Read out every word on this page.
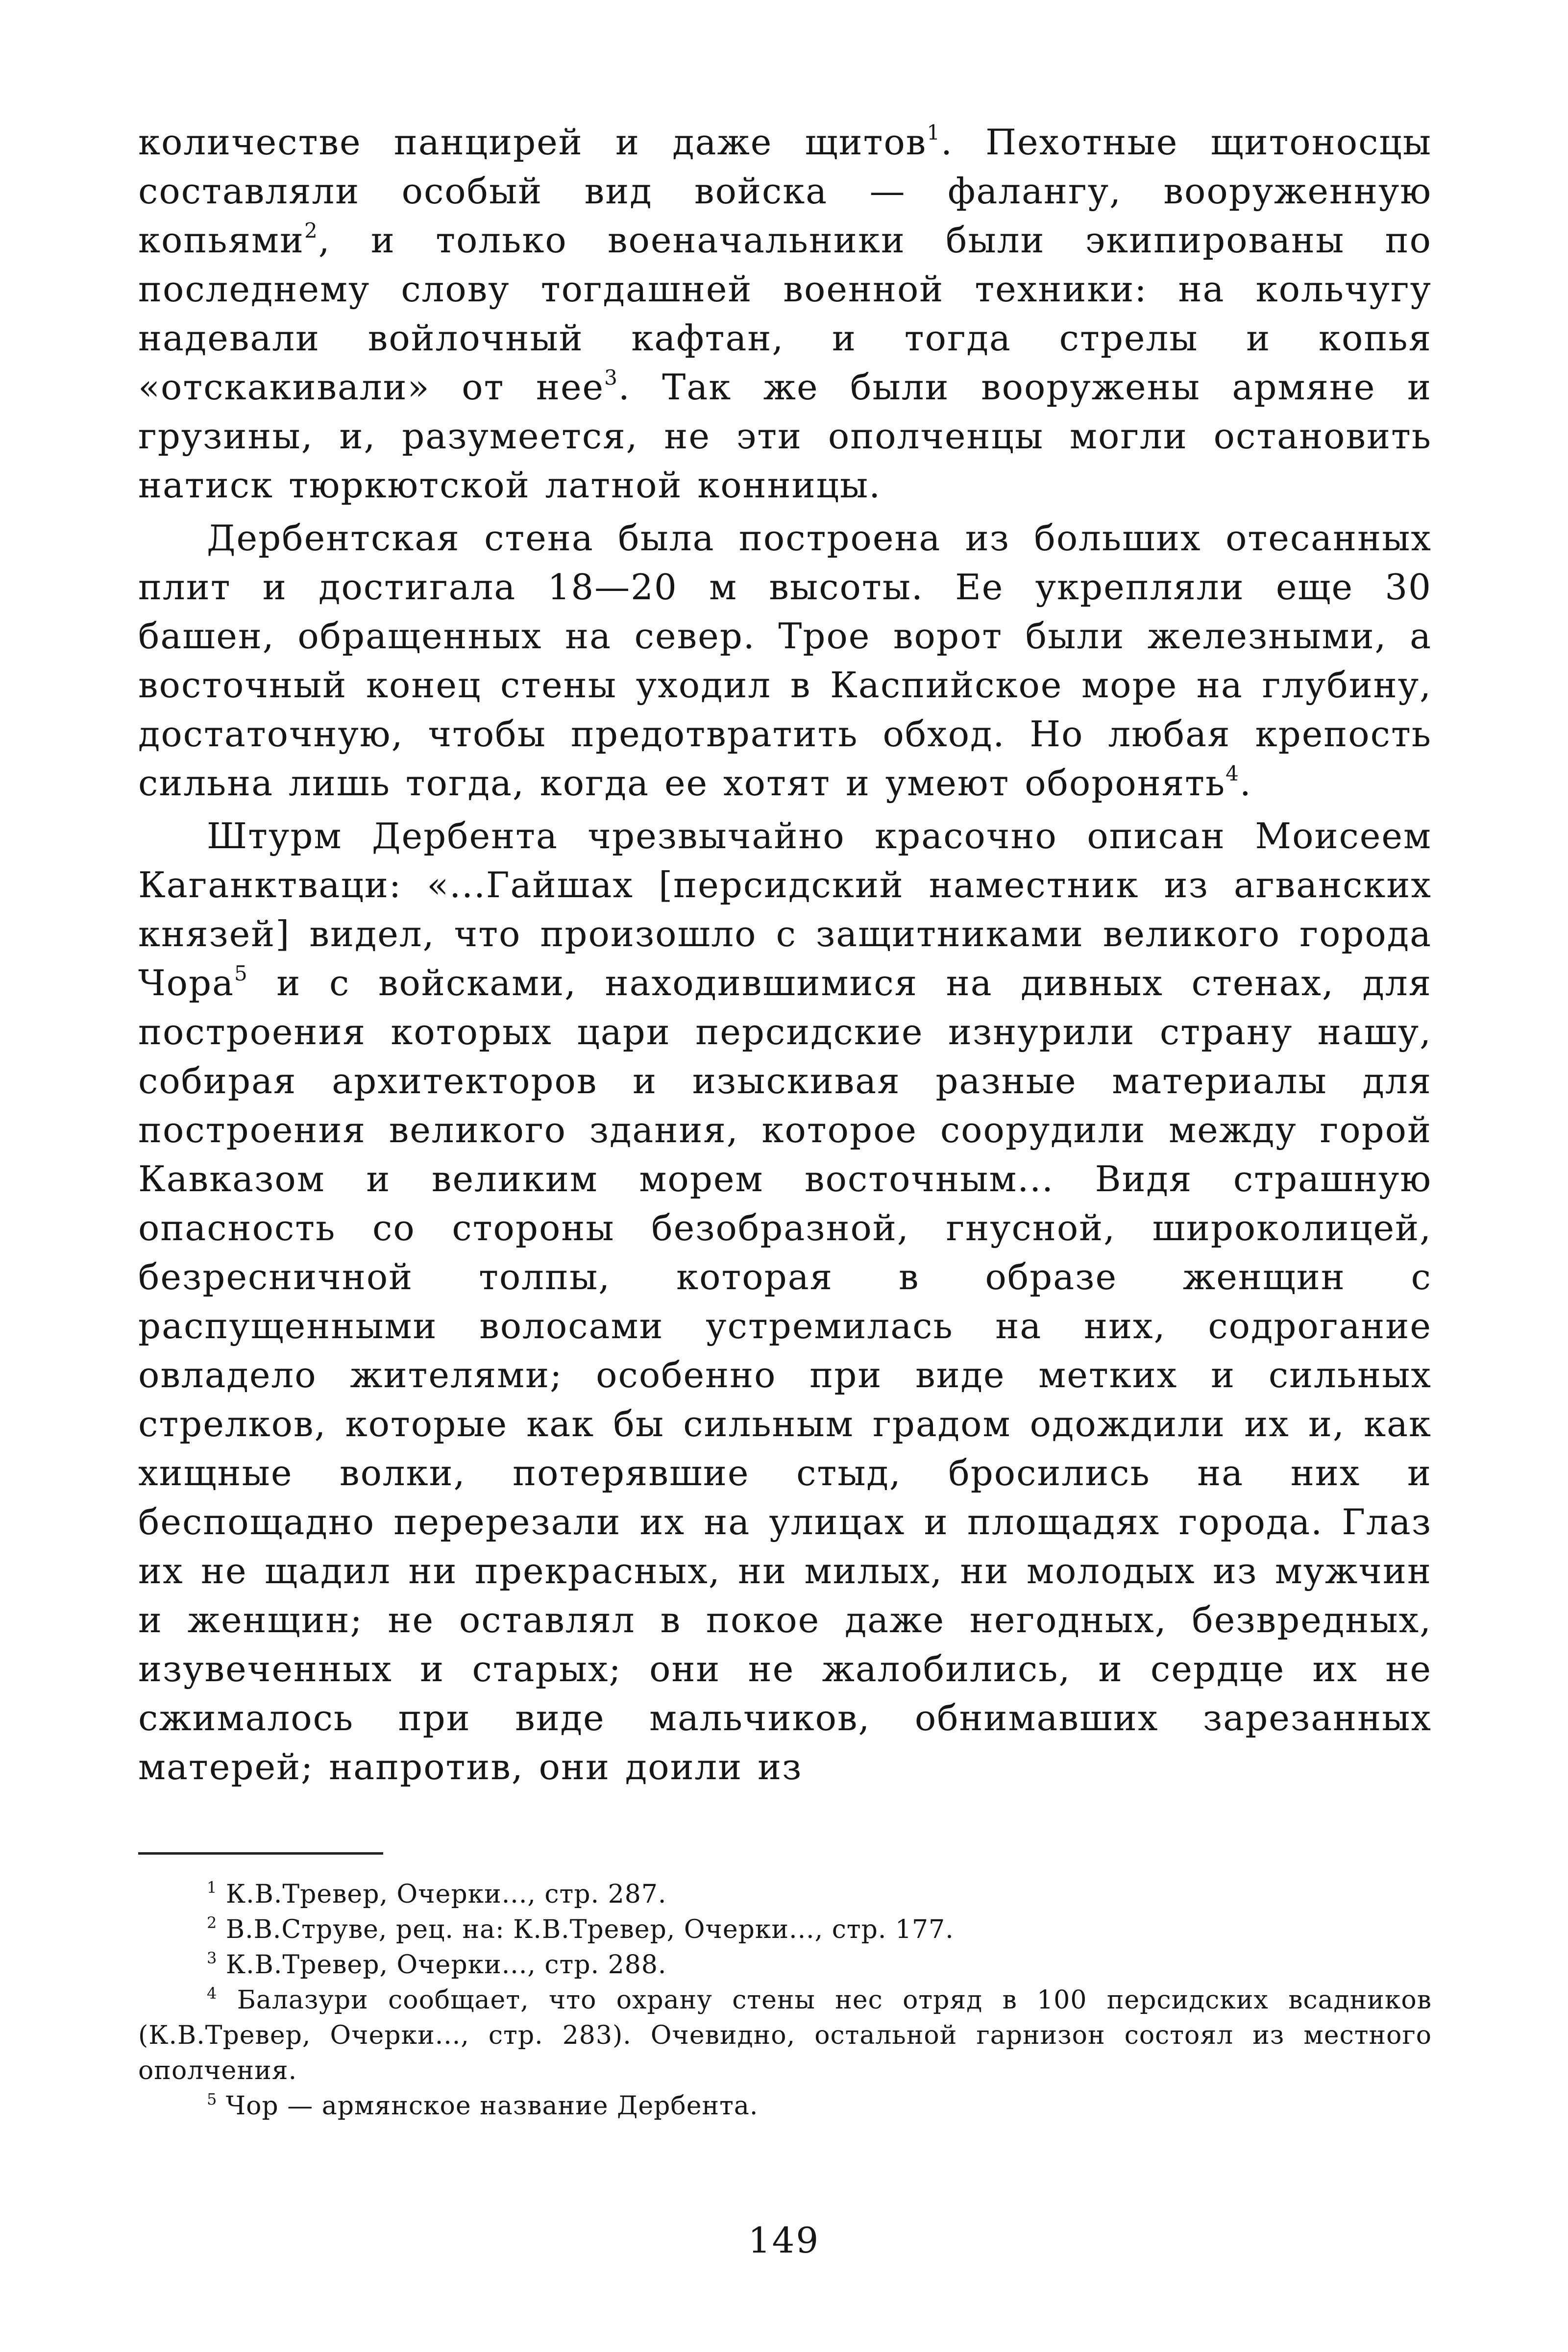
количестве панцирей и даже щитов$^1$. Пехотные щитоносцы составляли особый вид войска — фалангу, вооруженную копьями$^2$, и только военачальники были экипированы по последнему слову тогдашней военной техники: на кольчугу надевали войлочный кафтан, и тогда стрелы и копья «отскакивали» от нее$^3$. Так же были вооружены армяне и грузины, и, разумеется, не эти ополченцы могли остановить натиск тюркютской латной конницы.

Дербентская стена была построена из больших отесанных плит и достигала 18—20 м высоты. Ее укрепляли еще 30 башен, обращенных на север. Трое ворот были железными, а восточный конец стены уходил в Каспийское море на глубину, достаточную, чтобы предотвратить обход. Но любая крепость сильна лишь тогда, когда ее хотят и умеют оборонять$^4$.

Штурм Дербента чрезвычайно красочно описан Моисеем Каганктваци: «...Гайшах [персидский наместник из агванских князей] видел, что произошло с защитниками великого города Чора$^5$ и с войсками, находившимися на дивных стенах, для построения которых цари персидские изнурили страну нашу, собирая архитекторов и изыскивая разные материалы для построения великого здания, которое соорудили между горой Кавказом и великим морем восточным... Видя страшную опасность со стороны безобразной, гнусной, широколицей, безресничной толпы, которая в образе женщин с распущенными волосами устремилась на них, содрогание овладело жителями; особенно при виде метких и сильных стрелков, которые как бы сильным градом одождили их и, как хищные волки, потерявшие стыд, бросились на них и беспощадно перерезали их на улицах и площадях города. Глаз их не щадил ни прекрасных, ни милых, ни молодых из мужчин и женщин; не оставлял в покое даже негодных, безвредных, изувеченных и старых; они не жалобились, и сердце их не сжималось при виде мальчиков, обнимавших зарезанных матерей; напротив, они доили из

$^1$ К.В.Тревер, Очерки..., стр. 287.

$^2$ В.В.Струве, рец. на: К.В.Тревер, Очерки..., стр. 177.

$^3$ К.В.Тревер, Очерки..., стр. 288.

$^4$ Балазури сообщает, что охрану стены нес отряд в 100 персидских всадников (К.В.Тревер, Очерки..., стр. 283). Очевидно, остальной гарнизон состоял из местного ополчения.

$^5$ Чор — армянское название Дербента.

149
